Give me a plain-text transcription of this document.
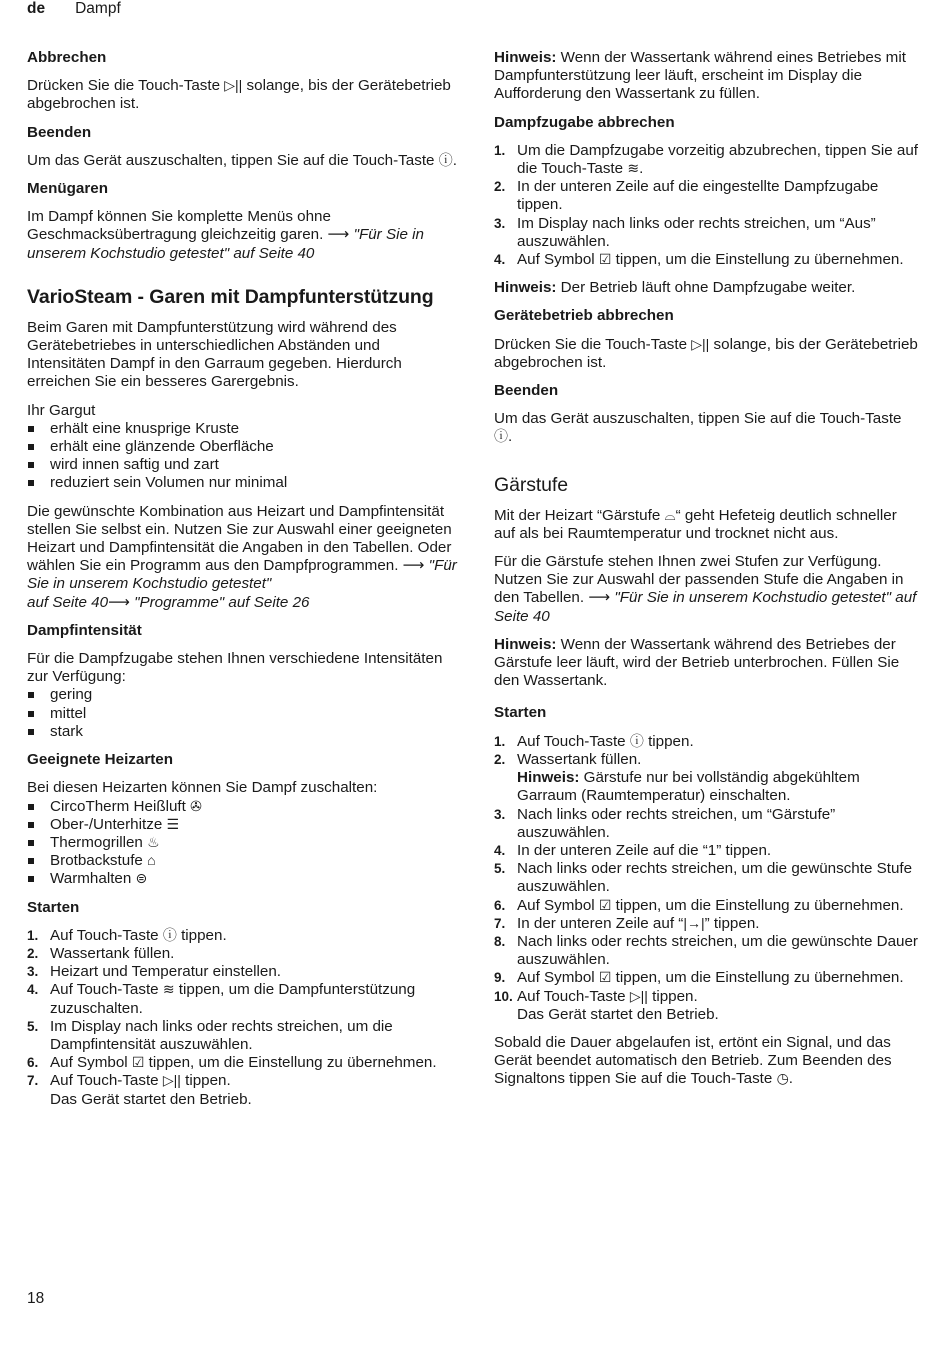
de Dampf
Abbrechen

Drücken Sie die Touch-Taste ▷|| solange, bis der Gerätebetrieb abgebrochen ist.

Beenden

Um das Gerät auszuschalten, tippen Sie auf die Touch-Taste ⓘ.

Menügaren

Im Dampf können Sie komplette Menüs ohne Geschmacksübertragung gleichzeitig garen. ⟶ "Für Sie in unserem Kochstudio getestet" auf Seite 40

VarioSteam - Garen mit Dampfunterstützung

Beim Garen mit Dampfunterstützung wird während des Gerätebetriebes in unterschiedlichen Abständen und Intensitäten Dampf in den Garraum gegeben. Hierdurch erreichen Sie ein besseres Garergebnis.

Ihr Gargut
erhält eine knusprige Kruste
erhält eine glänzende Oberfläche
wird innen saftig und zart
reduziert sein Volumen nur minimal

Die gewünschte Kombination aus Heizart und Dampfintensität stellen Sie selbst ein. Nutzen Sie zur Auswahl einer geeigneten Heizart und Dampfintensität die Angaben in den Tabellen. Oder wählen Sie ein Programm aus den Dampfprogrammen. ⟶ "Für Sie in unserem Kochstudio getestet"
auf Seite 40⟶ "Programme" auf Seite 26

Dampfintensität
Für die Dampfzugabe stehen Ihnen verschiedene Intensitäten zur Verfügung:
gering
mittel
stark
Geeignete Heizarten
Bei diesen Heizarten können Sie Dampf zuschalten:
CircoTherm Heißluft ✇
Ober-/Unterhitze ☰
Thermogrillen ♨
Brotbackstufe ⌂
Warmhalten ⊜
Starten
1. Auf Touch-Taste ⓘ tippen.
2. Wassertank füllen.
3. Heizart und Temperatur einstellen.
4. Auf Touch-Taste ≋ tippen, um die Dampfunterstützung zuzuschalten.
5. Im Display nach links oder rechts streichen, um die Dampfintensität auszuwählen.
6. Auf Symbol ☑ tippen, um die Einstellung zu übernehmen.
7. Auf Touch-Taste ▷|| tippen.
Das Gerät startet den Betrieb.

Hinweis: Wenn der Wassertank während eines Betriebes mit Dampfunterstützung leer läuft, erscheint im Display die Aufforderung den Wassertank zu füllen.

Dampfzugabe abbrechen
1. Um die Dampfzugabe vorzeitig abzubrechen, tippen Sie auf die Touch-Taste ≋.
2. In der unteren Zeile auf die eingestellte Dampfzugabe tippen.
3. Im Display nach links oder rechts streichen, um “Aus” auszuwählen.
4. Auf Symbol ☑ tippen, um die Einstellung zu übernehmen.

Hinweis: Der Betrieb läuft ohne Dampfzugabe weiter.

Gerätebetrieb abbrechen

Drücken Sie die Touch-Taste ▷|| solange, bis der Gerätebetrieb abgebrochen ist.

Beenden

Um das Gerät auszuschalten, tippen Sie auf die Touch-Taste ⓘ.

Gärstufe

Mit der Heizart “Gärstufe ⌓“ geht Hefeteig deutlich schneller auf als bei Raumtemperatur und trocknet nicht aus.

Für die Gärstufe stehen Ihnen zwei Stufen zur Verfügung. Nutzen Sie zur Auswahl der passenden Stufe die Angaben in den Tabellen. ⟶ "Für Sie in unserem Kochstudio getestet" auf Seite 40

Hinweis: Wenn der Wassertank während des Betriebes der Gärstufe leer läuft, wird der Betrieb unterbrochen. Füllen Sie den Wassertank.

Starten
1. Auf Touch-Taste ⓘ tippen.
2. Wassertank füllen.
Hinweis: Gärstufe nur bei vollständig abgekühltem Garraum (Raumtemperatur) einschalten.
3. Nach links oder rechts streichen, um “Gärstufe” auszuwählen.
4. In der unteren Zeile auf die “1” tippen.
5. Nach links oder rechts streichen, um die gewünschte Stufe auszuwählen.
6. Auf Symbol ☑ tippen, um die Einstellung zu übernehmen.
7. In der unteren Zeile auf “|→|” tippen.
8. Nach links oder rechts streichen, um die gewünschte Dauer auszuwählen.
9. Auf Symbol ☑ tippen, um die Einstellung zu übernehmen.
10. Auf Touch-Taste ▷|| tippen.
Das Gerät startet den Betrieb.

Sobald die Dauer abgelaufen ist, ertönt ein Signal, und das Gerät beendet automatisch den Betrieb. Zum Beenden des Signaltons tippen Sie auf die Touch-Taste ◷.

18
